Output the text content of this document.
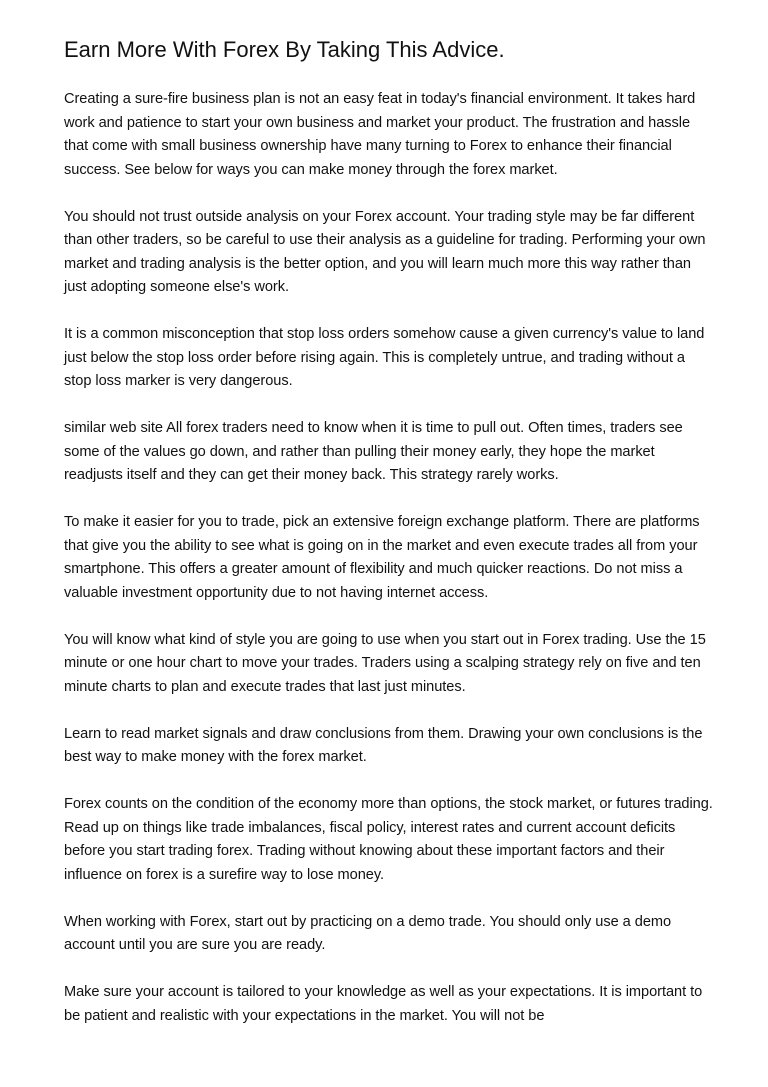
Earn More With Forex By Taking This Advice.

Creating a sure-fire business plan is not an easy feat in today's financial environment. It takes hard work and patience to start your own business and market your product. The frustration and hassle that come with small business ownership have many turning to Forex to enhance their financial success. See below for ways you can make money through the forex market.

You should not trust outside analysis on your Forex account. Your trading style may be far different than other traders, so be careful to use their analysis as a guideline for trading. Performing your own market and trading analysis is the better option, and you will learn much more this way rather than just adopting someone else's work.

It is a common misconception that stop loss orders somehow cause a given currency's value to land just below the stop loss order before rising again. This is completely untrue, and trading without a stop loss marker is very dangerous.

similar web site All forex traders need to know when it is time to pull out. Often times, traders see some of the values go down, and rather than pulling their money early, they hope the market readjusts itself and they can get their money back. This strategy rarely works.

To make it easier for you to trade, pick an extensive foreign exchange platform. There are platforms that give you the ability to see what is going on in the market and even execute trades all from your smartphone. This offers a greater amount of flexibility and much quicker reactions. Do not miss a valuable investment opportunity due to not having internet access.

You will know what kind of style you are going to use when you start out in Forex trading. Use the 15 minute or one hour chart to move your trades. Traders using a scalping strategy rely on five and ten minute charts to plan and execute trades that last just minutes.

Learn to read market signals and draw conclusions from them. Drawing your own conclusions is the best way to make money with the forex market.

Forex counts on the condition of the economy more than options, the stock market, or futures trading. Read up on things like trade imbalances, fiscal policy, interest rates and current account deficits before you start trading forex. Trading without knowing about these important factors and their influence on forex is a surefire way to lose money.

When working with Forex, start out by practicing on a demo trade. You should only use a demo account until you are sure you are ready.

Make sure your account is tailored to your knowledge as well as your expectations. It is important to be patient and realistic with your expectations in the market. You will not be
